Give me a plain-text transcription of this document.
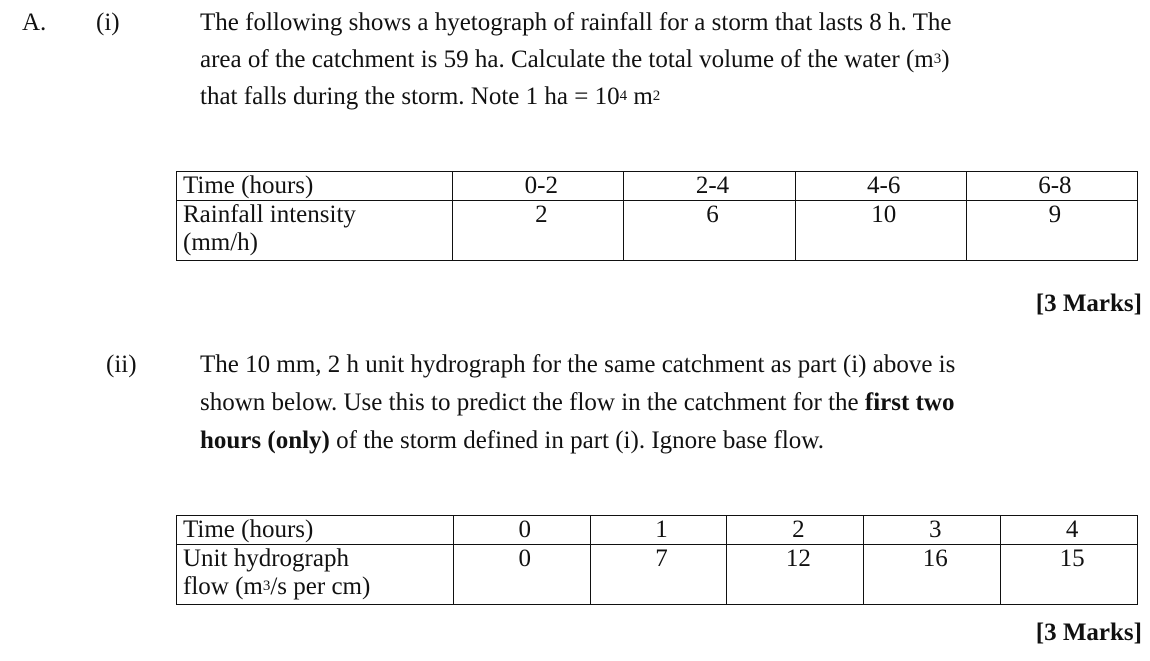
A. (i)	The following shows a hyetograph of rainfall for a storm that lasts 8 h. The
area of the catchment is 59 ha. Calculate the total volume of the water $(m^3)$
that falls during the storm. Note 1 ha = $10^4$ $m^2$
Time (hours)	0-2	2-4	4-6	6-8

Rainfall intensity
(mm/h)	2	6	10	9
[3 Marks]
(ii)	The 10 mm, 2 h unit hydrograph for the same catchment as part (i) above is
shown below. Use this to predict the flow in the catchment for the first two
hours (only) of the storm defined in part (i). Ignore base flow.
Time (hours)	0	1	2	3	4

Unit hydrograph
flow ($m^3/s$ per cm)	0	7	12	16	15
[3 Marks]
